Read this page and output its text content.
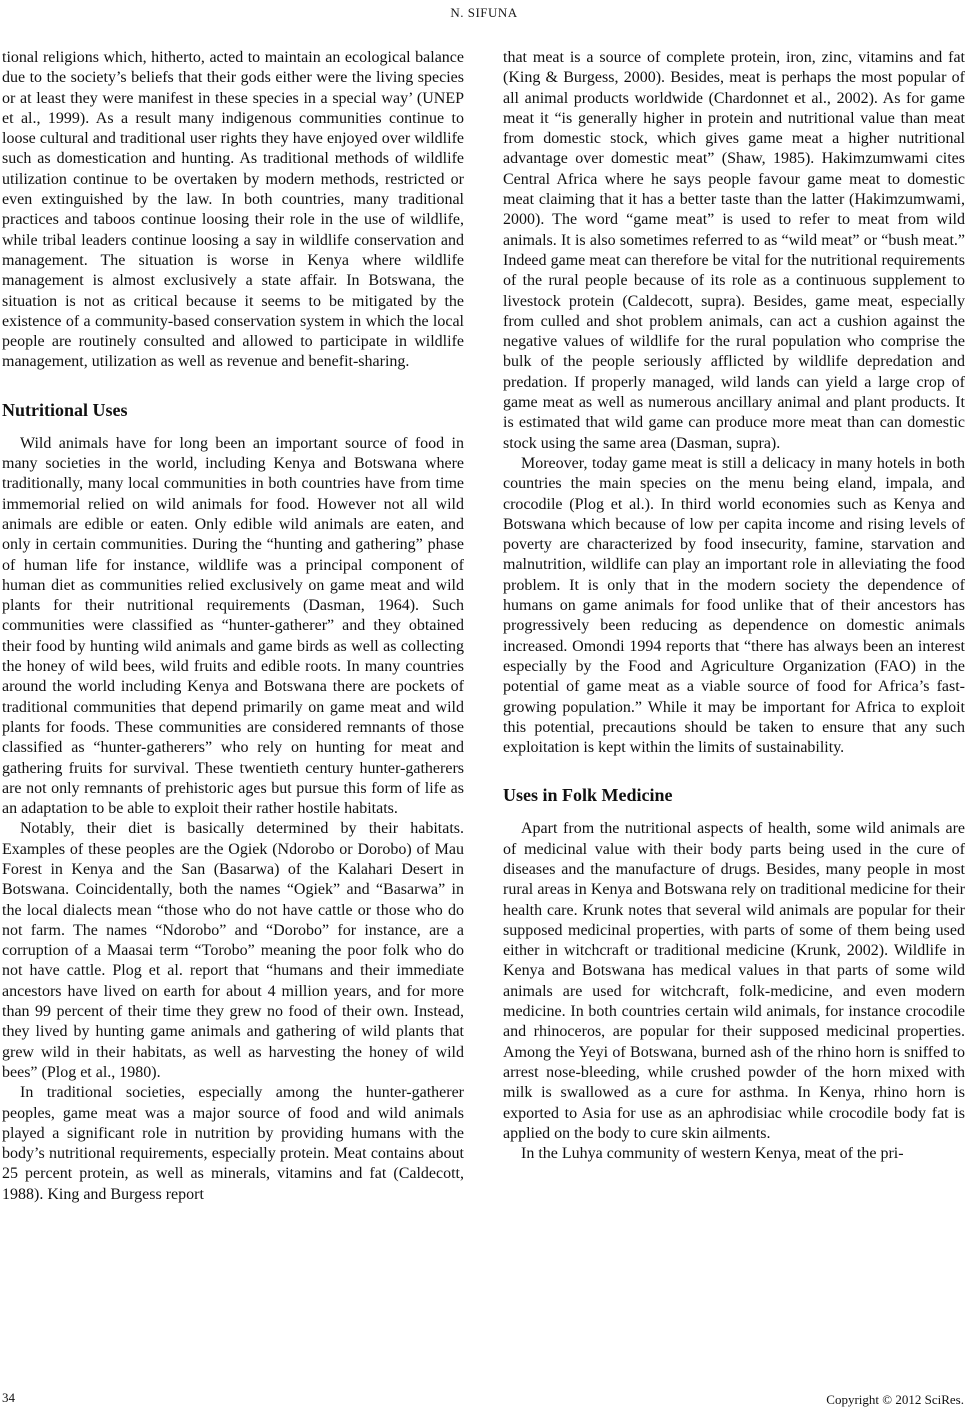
N. SIFUNA

tional religions which, hitherto, acted to maintain an ecological balance due to the society’s beliefs that their gods either were the living species or at least they were manifest in these species in a special way’ (UNEP et al., 1999). As a result many indigenous communities continue to loose cultural and traditional user rights they have enjoyed over wildlife such as domestication and hunting. As traditional methods of wildlife utilization continue to be overtaken by modern methods, restricted or even extinguished by the law. In both countries, many traditional practices and taboos continue loosing their role in the use of wildlife, while tribal leaders continue loosing a say in wildlife conservation and management. The situation is worse in Kenya where wildlife management is almost exclusively a state affair. In Botswana, the situation is not as critical because it seems to be mitigated by the existence of a community-based conservation system in which the local people are routinely consulted and allowed to participate in wildlife management, utilization as well as revenue and benefit-sharing.

Nutritional Uses

Wild animals have for long been an important source of food in many societies in the world, including Kenya and Botswana where traditionally, many local communities in both countries have from time immemorial relied on wild animals for food. However not all wild animals are edible or eaten. Only edible wild animals are eaten, and only in certain communities. During the “hunting and gathering” phase of human life for instance, wildlife was a principal component of human diet as communities relied exclusively on game meat and wild plants for their nutritional requirements (Dasman, 1964). Such communities were classified as “hunter-gatherer” and they obtained their food by hunting wild animals and game birds as well as collecting the honey of wild bees, wild fruits and edible roots. In many countries around the world including Kenya and Botswana there are pockets of traditional communities that depend primarily on game meat and wild plants for foods. These communities are considered remnants of those classified as “hunter-gatherers” who rely on hunting for meat and gathering fruits for survival. These twentieth century hunter-gatherers are not only remnants of prehistoric ages but pursue this form of life as an adaptation to be able to exploit their rather hostile habitats.

Notably, their diet is basically determined by their habitats. Examples of these peoples are the Ogiek (Ndorobo or Dorobo) of Mau Forest in Kenya and the San (Basarwa) of the Kalahari Desert in Botswana. Coincidentally, both the names “Ogiek” and “Basarwa” in the local dialects mean “those who do not have cattle or those who do not farm. The names “Ndorobo” and “Dorobo” for instance, are a corruption of a Maasai term “Torobo” meaning the poor folk who do not have cattle. Plog et al. report that “humans and their immediate ancestors have lived on earth for about 4 million years, and for more than 99 percent of their time they grew no food of their own. Instead, they lived by hunting game animals and gathering of wild plants that grew wild in their habitats, as well as harvesting the honey of wild bees” (Plog et al., 1980).

In traditional societies, especially among the hunter-gatherer peoples, game meat was a major source of food and wild animals played a significant role in nutrition by providing humans with the body’s nutritional requirements, especially protein. Meat contains about 25 percent protein, as well as minerals, vitamins and fat (Caldecott, 1988). King and Burgess report

that meat is a source of complete protein, iron, zinc, vitamins and fat (King & Burgess, 2000). Besides, meat is perhaps the most popular of all animal products worldwide (Chardonnet et al., 2002). As for game meat it “is generally higher in protein and nutritional value than meat from domestic stock, which gives game meat a higher nutritional advantage over domestic meat” (Shaw, 1985). Hakimzumwami cites Central Africa where he says people favour game meat to domestic meat claiming that it has a better taste than the latter (Hakimzumwami, 2000). The word “game meat” is used to refer to meat from wild animals. It is also sometimes referred to as “wild meat” or “bush meat.” Indeed game meat can therefore be vital for the nutritional requirements of the rural people because of its role as a continuous supplement to livestock protein (Caldecott, supra). Besides, game meat, especially from culled and shot problem animals, can act a cushion against the negative values of wildlife for the rural population who comprise the bulk of the people seriously afflicted by wildlife depredation and predation. If properly managed, wild lands can yield a large crop of game meat as well as numerous ancillary animal and plant products. It is estimated that wild game can produce more meat than can domestic stock using the same area (Dasman, supra).

Moreover, today game meat is still a delicacy in many hotels in both countries the main species on the menu being eland, impala, and crocodile (Plog et al.). In third world economies such as Kenya and Botswana which because of low per capita income and rising levels of poverty are characterized by food insecurity, famine, starvation and malnutrition, wildlife can play an important role in alleviating the food problem. It is only that in the modern society the dependence of humans on game animals for food unlike that of their ancestors has progressively been reducing as dependence on domestic animals increased. Omondi 1994 reports that “there has always been an interest especially by the Food and Agriculture Organization (FAO) in the potential of game meat as a viable source of food for Africa’s fast-growing population.” While it may be important for Africa to exploit this potential, precautions should be taken to ensure that any such exploitation is kept within the limits of sustainability.

Uses in Folk Medicine

Apart from the nutritional aspects of health, some wild animals are of medicinal value with their body parts being used in the cure of diseases and the manufacture of drugs. Besides, many people in most rural areas in Kenya and Botswana rely on traditional medicine for their health care. Krunk notes that several wild animals are popular for their supposed medicinal properties, with parts of some of them being used either in witchcraft or traditional medicine (Krunk, 2002). Wildlife in Kenya and Botswana has medical values in that parts of some wild animals are used for witchcraft, folk-medicine, and even modern medicine. In both countries certain wild animals, for instance crocodile and rhinoceros, are popular for their supposed medicinal properties. Among the Yeyi of Botswana, burned ash of the rhino horn is sniffed to arrest nose-bleeding, while crushed powder of the horn mixed with milk is swallowed as a cure for asthma. In Kenya, rhino horn is exported to Asia for use as an aphrodisiac while crocodile body fat is applied on the body to cure skin ailments.

In the Luhya community of western Kenya, meat of the pri-

34	Copyright © 2012 SciRes.
